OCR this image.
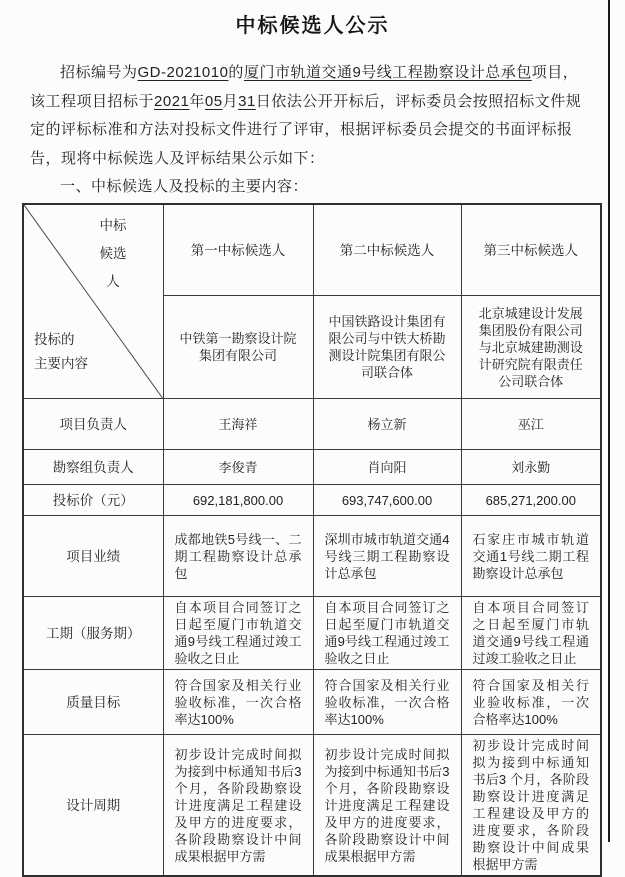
中标候选人公示
招标编号为GD-2021010的厦门市轨道交通9号线工程勘察设计总承包项目，
该工程项目招标于2021年05月31日依法公开开标后，评标委员会按照招标文件规
定的评标标准和方法对投标文件进行了评审，根据评标委员会提交的书面评标报
告，现将中标候选人及评标结果公示如下：
一、中标候选人及投标的主要内容：
中标
候选
人
投标的
主要内容	第一中标候选人	第二中标候选人	第三中标候选人
	中铁第一勘察设计院集团有限公司	中国铁路设计集团有限公司与中铁大桥勘测设计院集团有限公司联合体	北京城建设计发展集团股份有限公司与北京城建勘测设计研究院有限责任公司联合体
项目负责人	王海祥	杨立新	巫江
勘察组负责人	李俊青	肖向阳	刘永勤
投标价（元）	692,181,800.00	693,747,600.00	685,271,200.00
项目业绩	成都地铁5号线一、二期工程勘察设计总承包	深圳市城市轨道交通4号线三期工程勘察设计总承包	石家庄市城市轨道交通1号线二期工程勘察设计总承包
工期（服务期）	自本项目合同签订之日起至厦门市轨道交通9号线工程通过竣工验收之日止	自本项目合同签订之日起至厦门市轨道交通9号线工程通过竣工验收之日止	自本项目合同签订之日起至厦门市轨道交通9号线工程通过竣工验收之日止
质量目标	符合国家及相关行业验收标准，一次合格率达100%	符合国家及相关行业验收标准，一次合格率达100%	符合国家及相关行业验收标准，一次合格率达100%
设计周期	初步设计完成时间拟为接到中标通知书后3 个月，各阶段勘察设计进度满足工程建设及甲方的进度要求，各阶段勘察设计中间成果根据甲方需	初步设计完成时间拟为接到中标通知书后3 个月，各阶段勘察设计进度满足工程建设及甲方的进度要求，各阶段勘察设计中间成果根据甲方需	初步设计完成时间拟为接到中标通知书后3 个月，各阶段勘察设计进度满足工程建设及甲方的进度要求，各阶段勘察设计中间成果根据甲方需
